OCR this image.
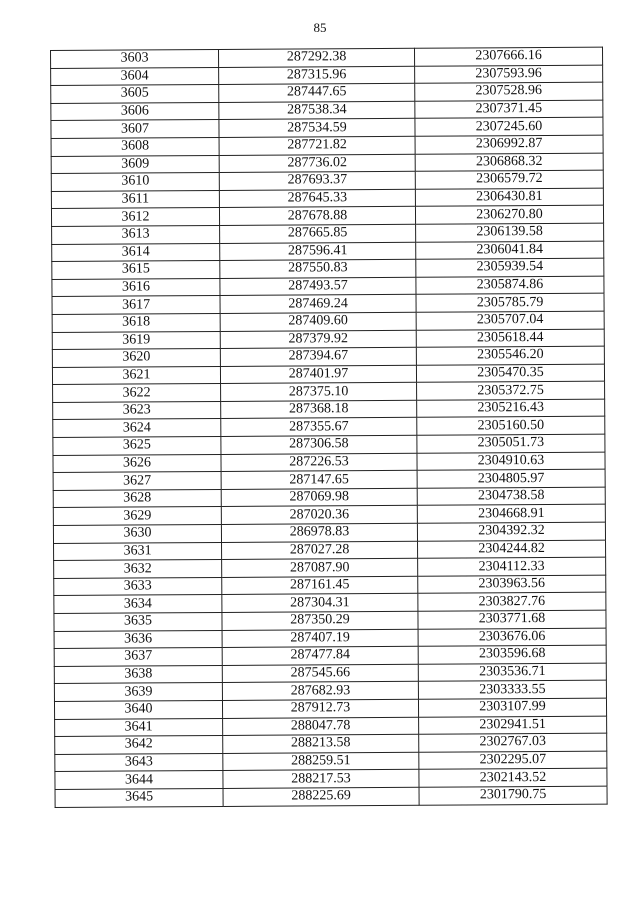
85
3603	287292.38	2307666.16
3604	287315.96	2307593.96
3605	287447.65	2307528.96
3606	287538.34	2307371.45
3607	287534.59	2307245.60
3608	287721.82	2306992.87
3609	287736.02	2306868.32
3610	287693.37	2306579.72
3611	287645.33	2306430.81
3612	287678.88	2306270.80
3613	287665.85	2306139.58
3614	287596.41	2306041.84
3615	287550.83	2305939.54
3616	287493.57	2305874.86
3617	287469.24	2305785.79
3618	287409.60	2305707.04
3619	287379.92	2305618.44
3620	287394.67	2305546.20
3621	287401.97	2305470.35
3622	287375.10	2305372.75
3623	287368.18	2305216.43
3624	287355.67	2305160.50
3625	287306.58	2305051.73
3626	287226.53	2304910.63
3627	287147.65	2304805.97
3628	287069.98	2304738.58
3629	287020.36	2304668.91
3630	286978.83	2304392.32
3631	287027.28	2304244.82
3632	287087.90	2304112.33
3633	287161.45	2303963.56
3634	287304.31	2303827.76
3635	287350.29	2303771.68
3636	287407.19	2303676.06
3637	287477.84	2303596.68
3638	287545.66	2303536.71
3639	287682.93	2303333.55
3640	287912.73	2303107.99
3641	288047.78	2302941.51
3642	288213.58	2302767.03
3643	288259.51	2302295.07
3644	288217.53	2302143.52
3645	288225.69	2301790.75
